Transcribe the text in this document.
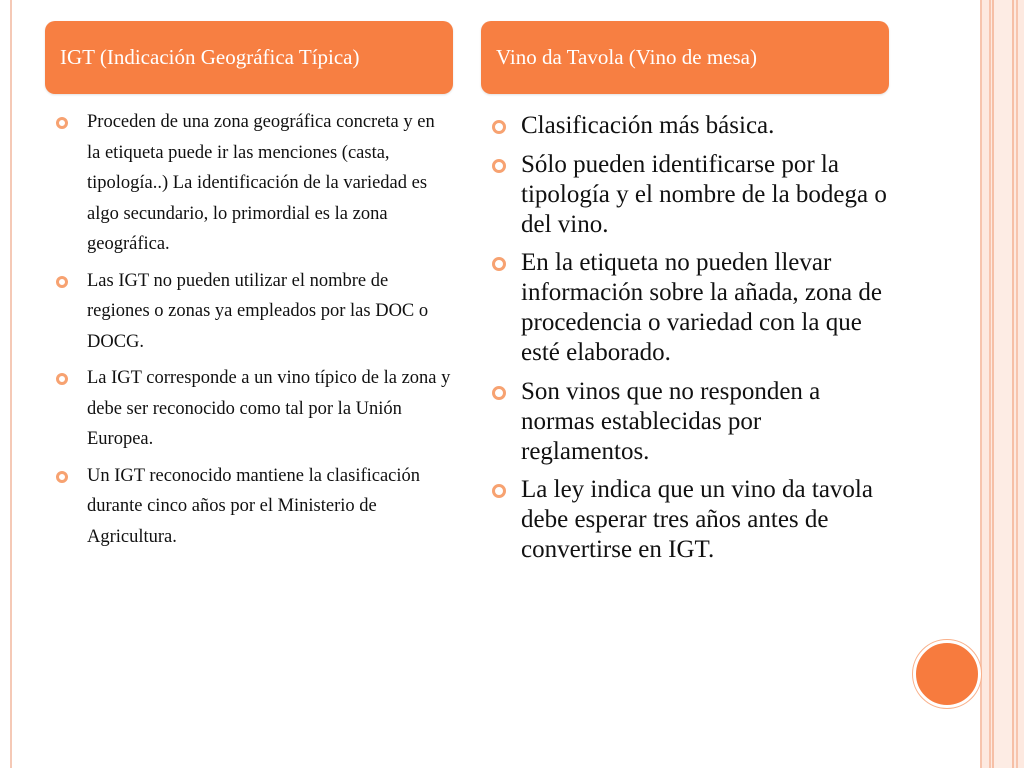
IGT (Indicación Geográfica Típica)	Vino da Tavola (Vino de mesa)
Proceden de una zona geográfica concreta y en la etiqueta puede ir las menciones (casta, tipología..) La identificación de la variedad es algo secundario, lo primordial es la zona geográfica.
Las IGT no pueden utilizar el nombre de regiones o zonas ya empleados por las DOC o DOCG.
La IGT corresponde a un vino típico de la zona y debe ser reconocido como tal por la Unión Europea.
Un IGT reconocido mantiene la clasificación durante cinco años por el Ministerio de Agricultura.
Clasificación más básica.
Sólo pueden identificarse por la tipología y el nombre de la bodega o del vino.
En la etiqueta no pueden llevar información sobre la añada, zona de procedencia o variedad con la que esté elaborado.
Son vinos que no responden a normas establecidas por reglamentos.
La ley indica que un vino da tavola debe esperar tres años antes de convertirse en IGT.
